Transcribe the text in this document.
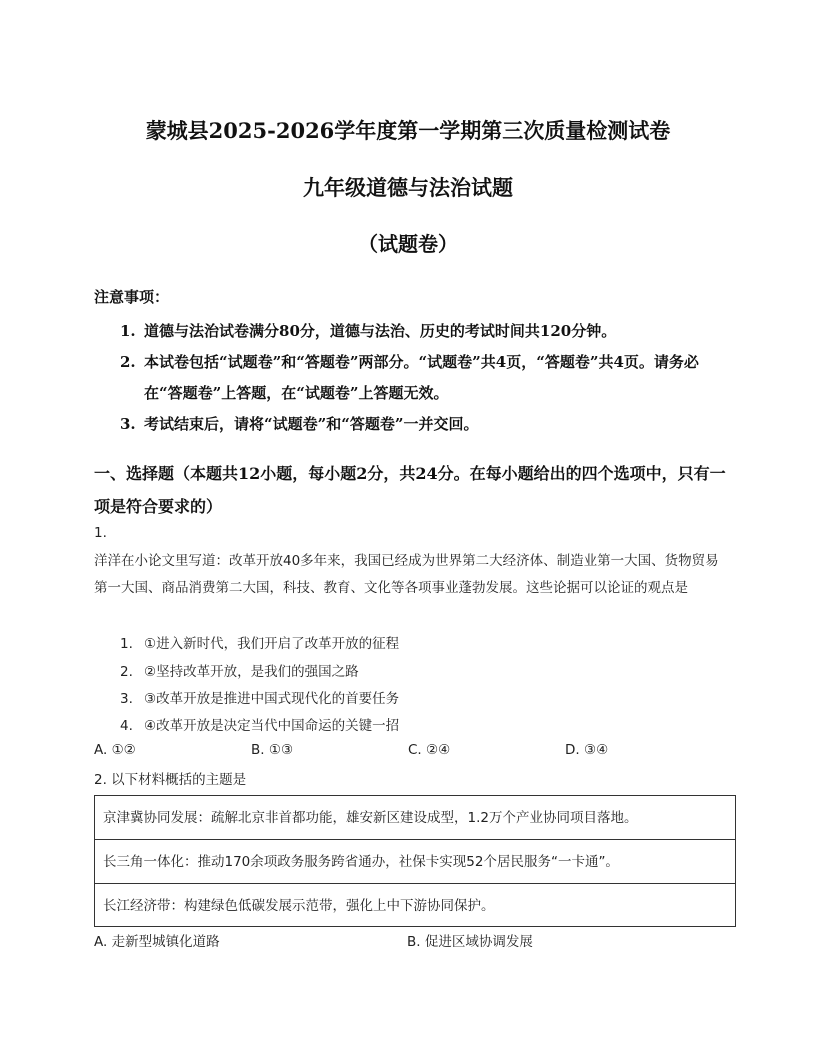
蒙城县2025-2026学年度第一学期第三次质量检测试卷
九年级道德与法治试题
（试题卷）
注意事项：
1. 道德与法治试卷满分80分，道德与法治、历史的考试时间共120分钟。
2. 本试卷包括“试题卷”和“答题卷”两部分。“试题卷”共4页，“答题卷”共4页。请务必在“答题卷”上答题，在“试题卷”上答题无效。
3. 考试结束后，请将“试题卷”和“答题卷”一并交回。
一、选择题（本题共12小题，每小题2分，共24分。在每小题给出的四个选项中，只有一项是符合要求的）
1.
洋洋在小论文里写道：改革开放40多年来，我国已经成为世界第二大经济体、制造业第一大国、货物贸易第一大国、商品消费第二大国，科技、教育、文化等各项事业蓬勃发展。这些论据可以论证的观点是
1. ①进入新时代，我们开启了改革开放的征程
2. ②坚持改革开放，是我们的强国之路
3. ③改革开放是推进中国式现代化的首要任务
4. ④改革开放是决定当代中国命运的关键一招
A. ①②	B. ①③	C. ②④	D. ③④
2. 以下材料概括的主题是
京津冀协同发展：疏解北京非首都功能，雄安新区建设成型，1.2万个产业协同项目落地。
长三角一体化：推动170余项政务服务跨省通办，社保卡实现52个居民服务“一卡通”。
长江经济带：构建绿色低碳发展示范带，强化上中下游协同保护。
A. 走新型城镇化道路	B. 促进区域协调发展
